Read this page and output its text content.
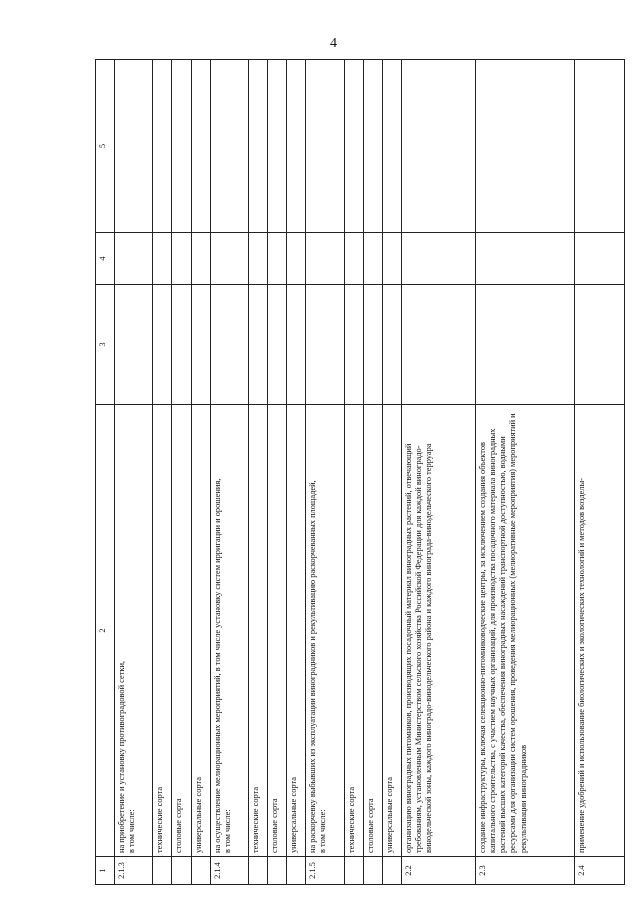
4
1	2	3	4	5
2.1.3	на приобретение и установку противоградовой сетки,
в том числе:			
	технические сорта			
	столовые сорта			
	универсальные сорта			
2.1.4	на осуществление мелиорационных мероприятий, в том числе установку систем ирригации и орошения,
в том числе:			
	технические сорта			
	столовые сорта			
	универсальные сорта			
2.1.5	на раскорчевку выбывших из эксплуатации виноградников и рекультивацию раскорчеванных площадей,
в том числе:			
	технические сорта			
	столовые сорта			
	универсальные сорта			
2.2	организацию виноградных питомников, производящих посадочный материал виноградных растений, отвечающий требованиям, установленным Министерством сельского хозяйства Российской Федерации для каждой виноградо-винодельческой зоны, каждого виноградо-винодельческого района и каждого винограда-винодельческого терруара			
2.3	создание инфраструктуры, включая селекционно-питомниководческие центры, за исключением создания объектов капитального строительства, с участием научных организаций, для производства посадочного материала виноградных растений высших категорий качества, обеспечения виноградных насаждений транспортной доступностью, водными ресурсами для организации систем орошения, проведения мелиорационных (мелиоративные мероприятия) мероприятий и рекультивации виноградников			
2.4	применение удобрений и использование биологических и экологических технологий и методов возделы-			
